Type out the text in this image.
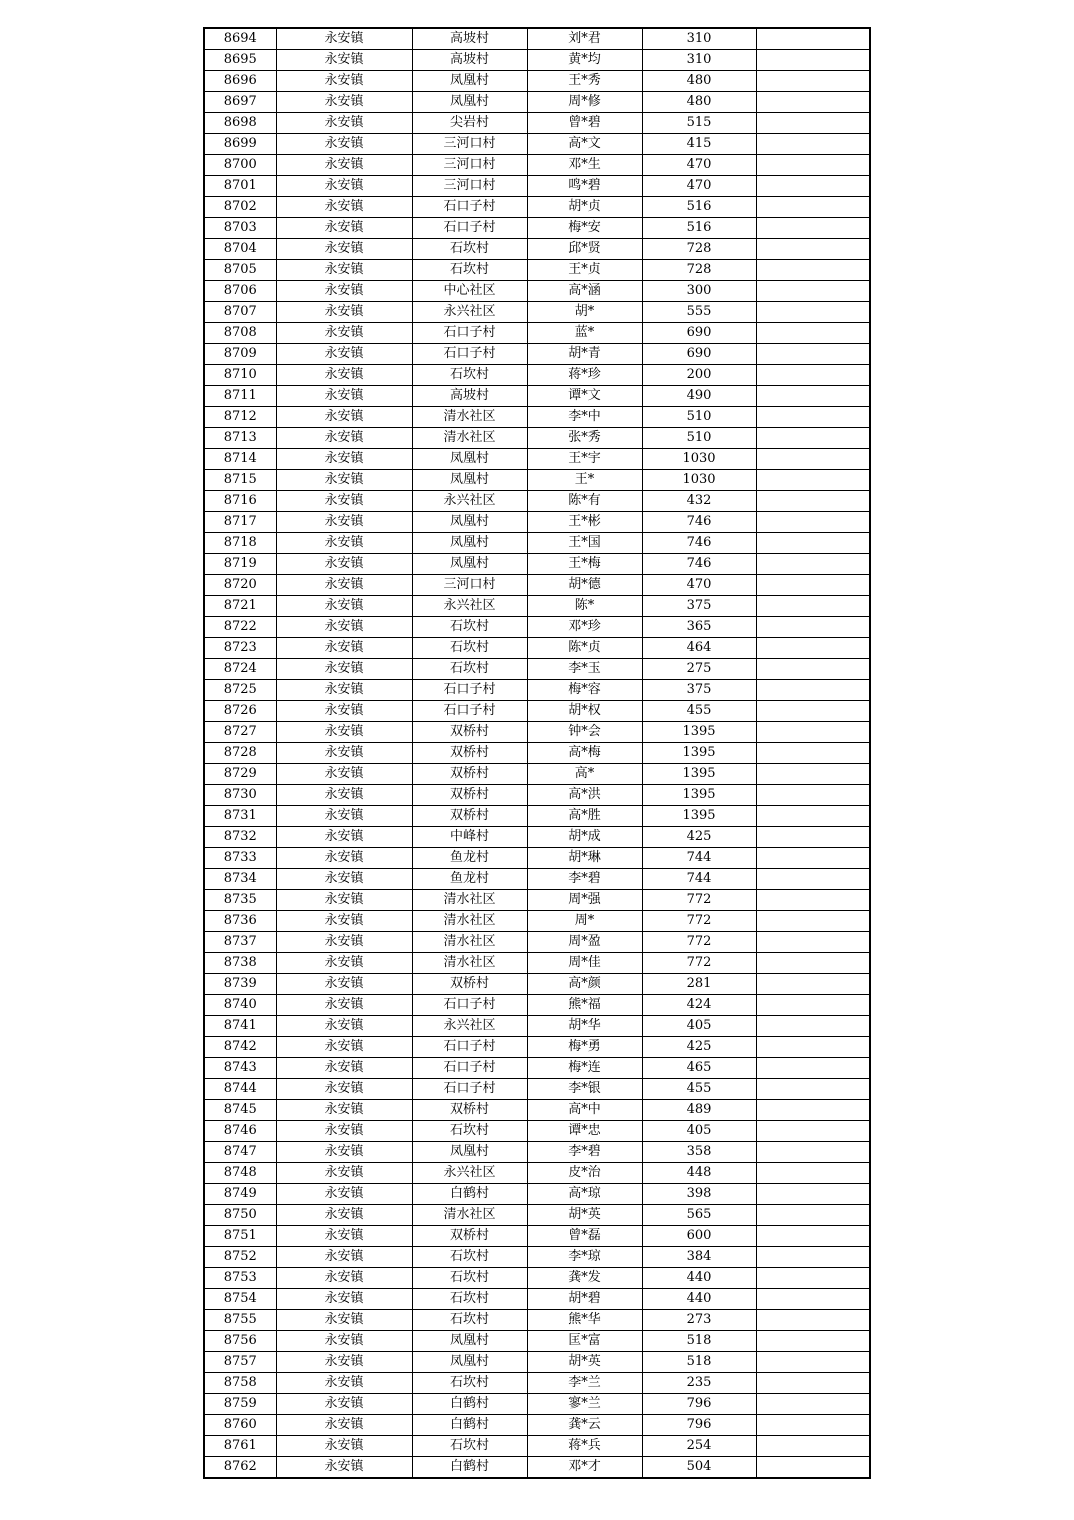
8694	永安镇	高坡村	刘*君	310	
8695	永安镇	高坡村	黄*均	310	
8696	永安镇	凤凰村	王*秀	480	
8697	永安镇	凤凰村	周*修	480	
8698	永安镇	尖岩村	曾*碧	515	
8699	永安镇	三河口村	高*文	415	
8700	永安镇	三河口村	邓*生	470	
8701	永安镇	三河口村	鸣*碧	470	
8702	永安镇	石口子村	胡*贞	516	
8703	永安镇	石口子村	梅*安	516	
8704	永安镇	石坎村	邱*贤	728	
8705	永安镇	石坎村	王*贞	728	
8706	永安镇	中心社区	高*涵	300	
8707	永安镇	永兴社区	胡*	555	
8708	永安镇	石口子村	蓝*	690	
8709	永安镇	石口子村	胡*青	690	
8710	永安镇	石坎村	蒋*珍	200	
8711	永安镇	高坡村	谭*文	490	
8712	永安镇	清水社区	李*中	510	
8713	永安镇	清水社区	张*秀	510	
8714	永安镇	凤凰村	王*宇	1030	
8715	永安镇	凤凰村	王*	1030	
8716	永安镇	永兴社区	陈*有	432	
8717	永安镇	凤凰村	王*彬	746	
8718	永安镇	凤凰村	王*国	746	
8719	永安镇	凤凰村	王*梅	746	
8720	永安镇	三河口村	胡*德	470	
8721	永安镇	永兴社区	陈*	375	
8722	永安镇	石坎村	邓*珍	365	
8723	永安镇	石坎村	陈*贞	464	
8724	永安镇	石坎村	李*玉	275	
8725	永安镇	石口子村	梅*容	375	
8726	永安镇	石口子村	胡*权	455	
8727	永安镇	双桥村	钟*会	1395	
8728	永安镇	双桥村	高*梅	1395	
8729	永安镇	双桥村	高*	1395	
8730	永安镇	双桥村	高*洪	1395	
8731	永安镇	双桥村	高*胜	1395	
8732	永安镇	中峰村	胡*成	425	
8733	永安镇	鱼龙村	胡*琳	744	
8734	永安镇	鱼龙村	李*碧	744	
8735	永安镇	清水社区	周*强	772	
8736	永安镇	清水社区	周*	772	
8737	永安镇	清水社区	周*盈	772	
8738	永安镇	清水社区	周*佳	772	
8739	永安镇	双桥村	高*颜	281	
8740	永安镇	石口子村	熊*福	424	
8741	永安镇	永兴社区	胡*华	405	
8742	永安镇	石口子村	梅*勇	425	
8743	永安镇	石口子村	梅*连	465	
8744	永安镇	石口子村	李*银	455	
8745	永安镇	双桥村	高*中	489	
8746	永安镇	石坎村	谭*忠	405	
8747	永安镇	凤凰村	李*碧	358	
8748	永安镇	永兴社区	皮*治	448	
8749	永安镇	白鹤村	高*琼	398	
8750	永安镇	清水社区	胡*英	565	
8751	永安镇	双桥村	曾*磊	600	
8752	永安镇	石坎村	李*琼	384	
8753	永安镇	石坎村	龚*发	440	
8754	永安镇	石坎村	胡*碧	440	
8755	永安镇	石坎村	熊*华	273	
8756	永安镇	凤凰村	匡*富	518	
8757	永安镇	凤凰村	胡*英	518	
8758	永安镇	石坎村	李*兰	235	
8759	永安镇	白鹤村	寥*兰	796	
8760	永安镇	白鹤村	龚*云	796	
8761	永安镇	石坎村	蒋*兵	254	
8762	永安镇	白鹤村	邓*才	504	
